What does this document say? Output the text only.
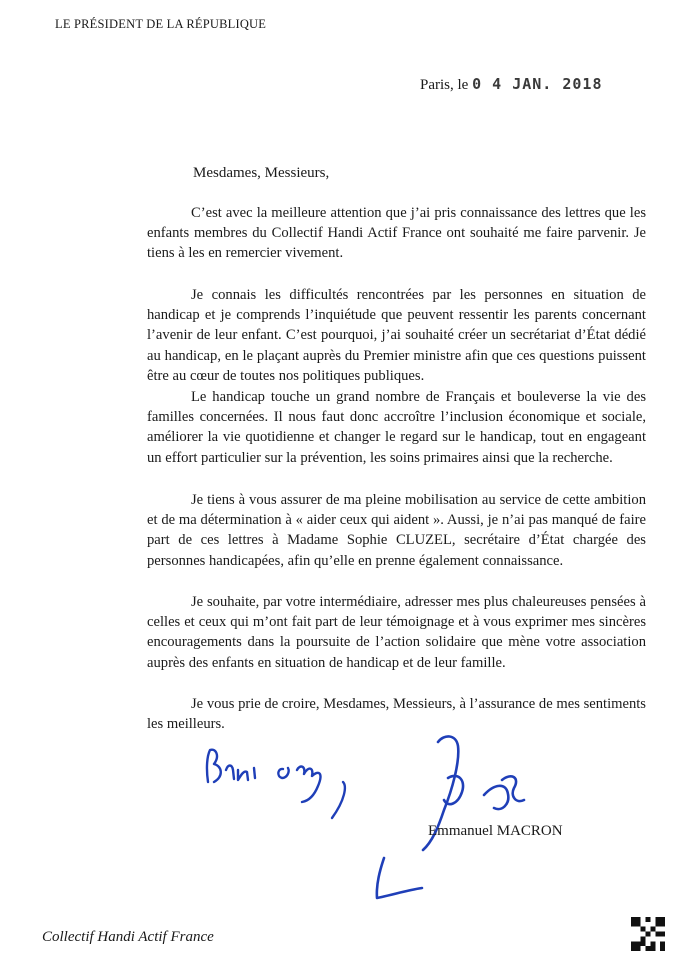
LE PRÉSIDENT DE LA RÉPUBLIQUE
Paris, le 0 4 JAN. 2018
Mesdames, Messieurs,

C’est avec la meilleure attention que j’ai pris connaissance des lettres que les enfants membres du Collectif Handi Actif France ont souhaité me faire parvenir. Je tiens à les en remercier vivement.

Je connais les difficultés rencontrées par les personnes en situation de handicap et je comprends l’inquiétude que peuvent ressentir les parents concernant l’avenir de leur enfant. C’est pourquoi, j’ai souhaité créer un secrétariat d’État dédié au handicap, en le plaçant auprès du Premier ministre afin que ces questions puissent être au cœur de toutes nos politiques publiques.

Le handicap touche un grand nombre de Français et bouleverse la vie des familles concernées. Il nous faut donc accroître l’inclusion économique et sociale, améliorer la vie quotidienne et changer le regard sur le handicap, tout en engageant un effort particulier sur la prévention, les soins primaires ainsi que la recherche.

Je tiens à vous assurer de ma pleine mobilisation au service de cette ambition et de ma détermination à « aider ceux qui aident ». Aussi, je n’ai pas manqué de faire part de ces lettres à Madame Sophie CLUZEL, secrétaire d’État chargée des personnes handicapées, afin qu’elle en prenne également connaissance.

Je souhaite, par votre intermédiaire, adresser mes plus chaleureuses pensées à celles et ceux qui m’ont fait part de leur témoignage et à vous exprimer mes sincères encouragements dans la poursuite de l’action solidaire que mène votre association auprès des enfants en situation de handicap et de leur famille.

Je vous prie de croire, Mesdames, Messieurs, à l’assurance de mes sentiments les meilleurs.

Emmanuel MACRON
Collectif Handi Actif France
